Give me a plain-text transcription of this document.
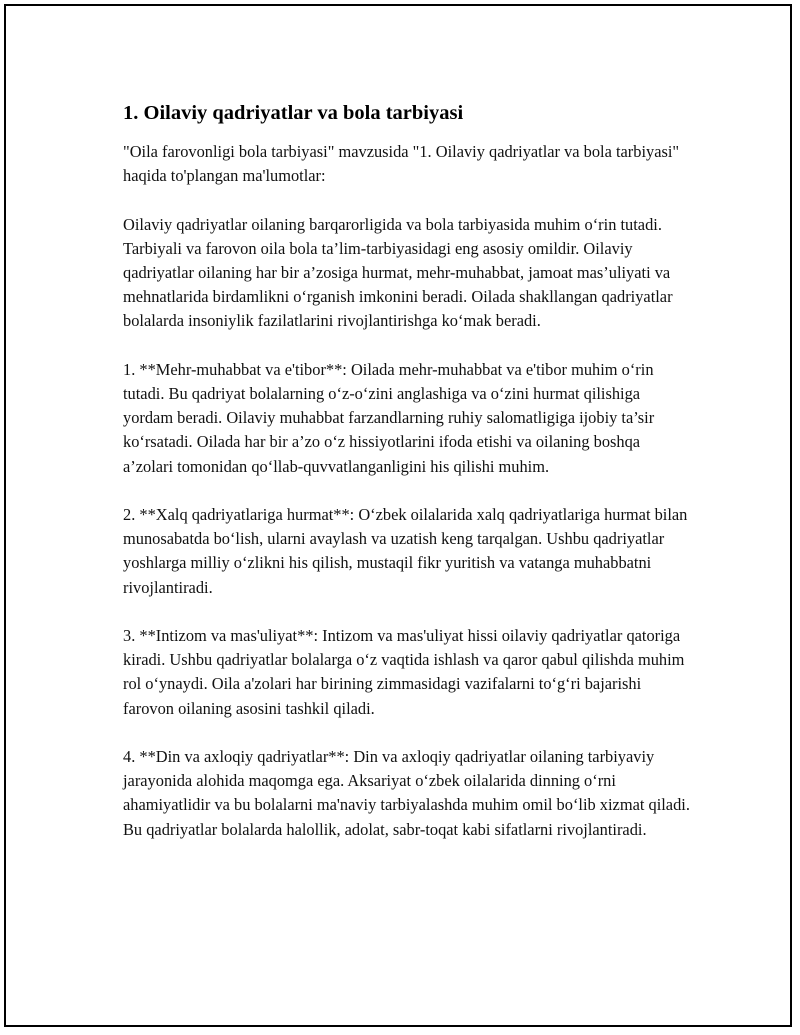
1. Oilaviy qadriyatlar va bola tarbiyasi

"Oila farovonligi bola tarbiyasi" mavzusida "1. Oilaviy qadriyatlar va bola tarbiyasi" haqida to'plangan ma'lumotlar:

Oilaviy qadriyatlar oilaning barqarorligida va bola tarbiyasida muhim o‘rin tutadi. Tarbiyali va farovon oila bola ta’lim-tarbiyasidagi eng asosiy omildir. Oilaviy qadriyatlar oilaning har bir a’zosiga hurmat, mehr-muhabbat, jamoat mas’uliyati va mehnatlarida birdamlikni o‘rganish imkonini beradi. Oilada shakllangan qadriyatlar bolalarda insoniylik fazilatlarini rivojlantirishga ko‘mak beradi.

1. **Mehr-muhabbat va e'tibor**: Oilada mehr-muhabbat va e'tibor muhim o‘rin tutadi. Bu qadriyat bolalarning o‘z-o‘zini anglashiga va o‘zini hurmat qilishiga yordam beradi. Oilaviy muhabbat farzandlarning ruhiy salomatligiga ijobiy ta’sir ko‘rsatadi. Oilada har bir a’zo o‘z hissiyotlarini ifoda etishi va oilaning boshqa a’zolari tomonidan qo‘llab-quvvatlanganligini his qilishi muhim.

2. **Xalq qadriyatlariga hurmat**: O‘zbek oilalarida xalq qadriyatlariga hurmat bilan munosabatda bo‘lish, ularni avaylash va uzatish keng tarqalgan. Ushbu qadriyatlar yoshlarga milliy o‘zlikni his qilish, mustaqil fikr yuritish va vatanga muhabbatni rivojlantiradi.

3. **Intizom va mas'uliyat**: Intizom va mas'uliyat hissi oilaviy qadriyatlar qatoriga kiradi. Ushbu qadriyatlar bolalarga o‘z vaqtida ishlash va qaror qabul qilishda muhim rol o‘ynaydi. Oila a'zolari har birining zimmasidagi vazifalarni to‘g‘ri bajarishi farovon oilaning asosini tashkil qiladi.

4. **Din va axloqiy qadriyatlar**: Din va axloqiy qadriyatlar oilaning tarbiyaviy jarayonida alohida maqomga ega. Aksariyat o‘zbek oilalarida dinning o‘rni ahamiyatlidir va bu bolalarni ma'naviy tarbiyalashda muhim omil bo‘lib xizmat qiladi. Bu qadriyatlar bolalarda halollik, adolat, sabr-toqat kabi sifatlarni rivojlantiradi.
